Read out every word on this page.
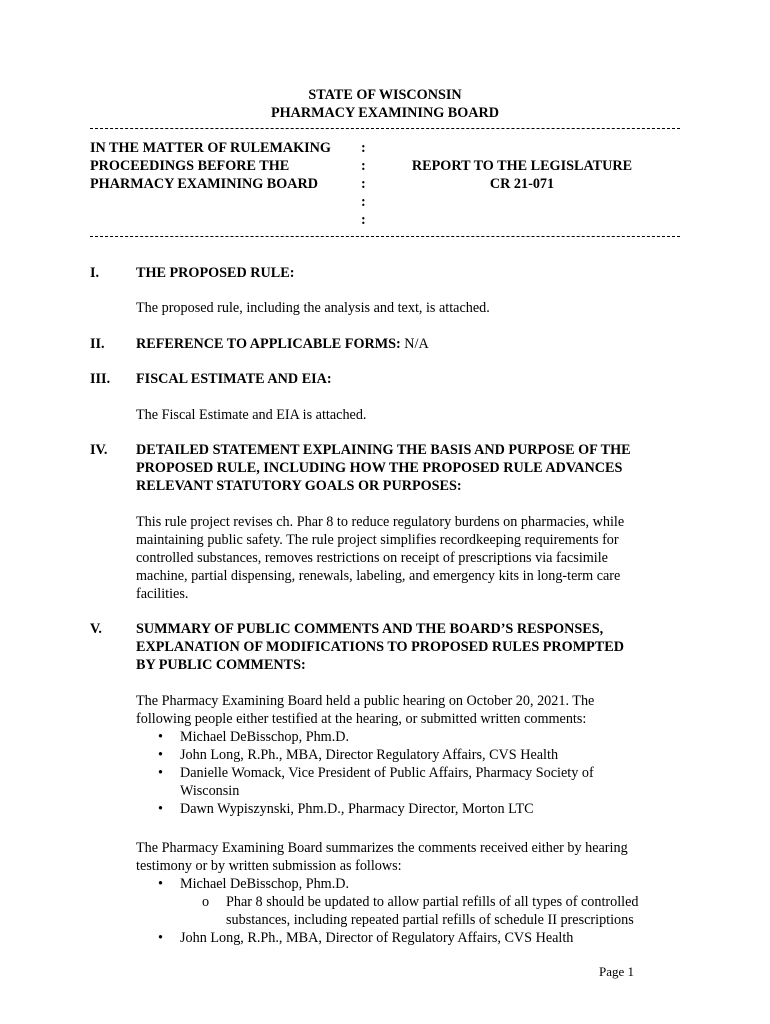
STATE OF WISCONSIN
PHARMACY EXAMINING BOARD
IN THE MATTER OF RULEMAKING
PROCEEDINGS BEFORE THE
PHARMACY EXAMINING BOARD
:
:
:
:
:
REPORT TO THE LEGISLATURE
CR 21-071
I.	THE PROPOSED RULE:
The proposed rule, including the analysis and text, is attached.
II. REFERENCE TO APPLICABLE FORMS: N/A
III. FISCAL ESTIMATE AND EIA:
The Fiscal Estimate and EIA is attached.
IV. DETAILED STATEMENT EXPLAINING THE BASIS AND PURPOSE OF THE
PROPOSED RULE, INCLUDING HOW THE PROPOSED RULE ADVANCES
RELEVANT STATUTORY GOALS OR PURPOSES:
This rule project revises ch. Phar 8 to reduce regulatory burdens on pharmacies, while
maintaining public safety. The rule project simplifies recordkeeping requirements for
controlled substances, removes restrictions on receipt of prescriptions via facsimile
machine, partial dispensing, renewals, labeling, and emergency kits in long-term care
facilities.
V. SUMMARY OF PUBLIC COMMENTS AND THE BOARD’S RESPONSES,
EXPLANATION OF MODIFICATIONS TO PROPOSED RULES PROMPTED
BY PUBLIC COMMENTS:
The Pharmacy Examining Board held a public hearing on October 20, 2021. The
following people either testified at the hearing, or submitted written comments:
• Michael DeBisschop, Phm.D.
• John Long, R.Ph., MBA, Director Regulatory Affairs, CVS Health
• Danielle Womack, Vice President of Public Affairs, Pharmacy Society of
Wisconsin
• Dawn Wypiszynski, Phm.D., Pharmacy Director, Morton LTC
The Pharmacy Examining Board summarizes the comments received either by hearing
testimony or by written submission as follows:
• Michael DeBisschop, Phm.D.
o Phar 8 should be updated to allow partial refills of all types of controlled
substances, including repeated partial refills of schedule II prescriptions
• John Long, R.Ph., MBA, Director of Regulatory Affairs, CVS Health
Page 1
